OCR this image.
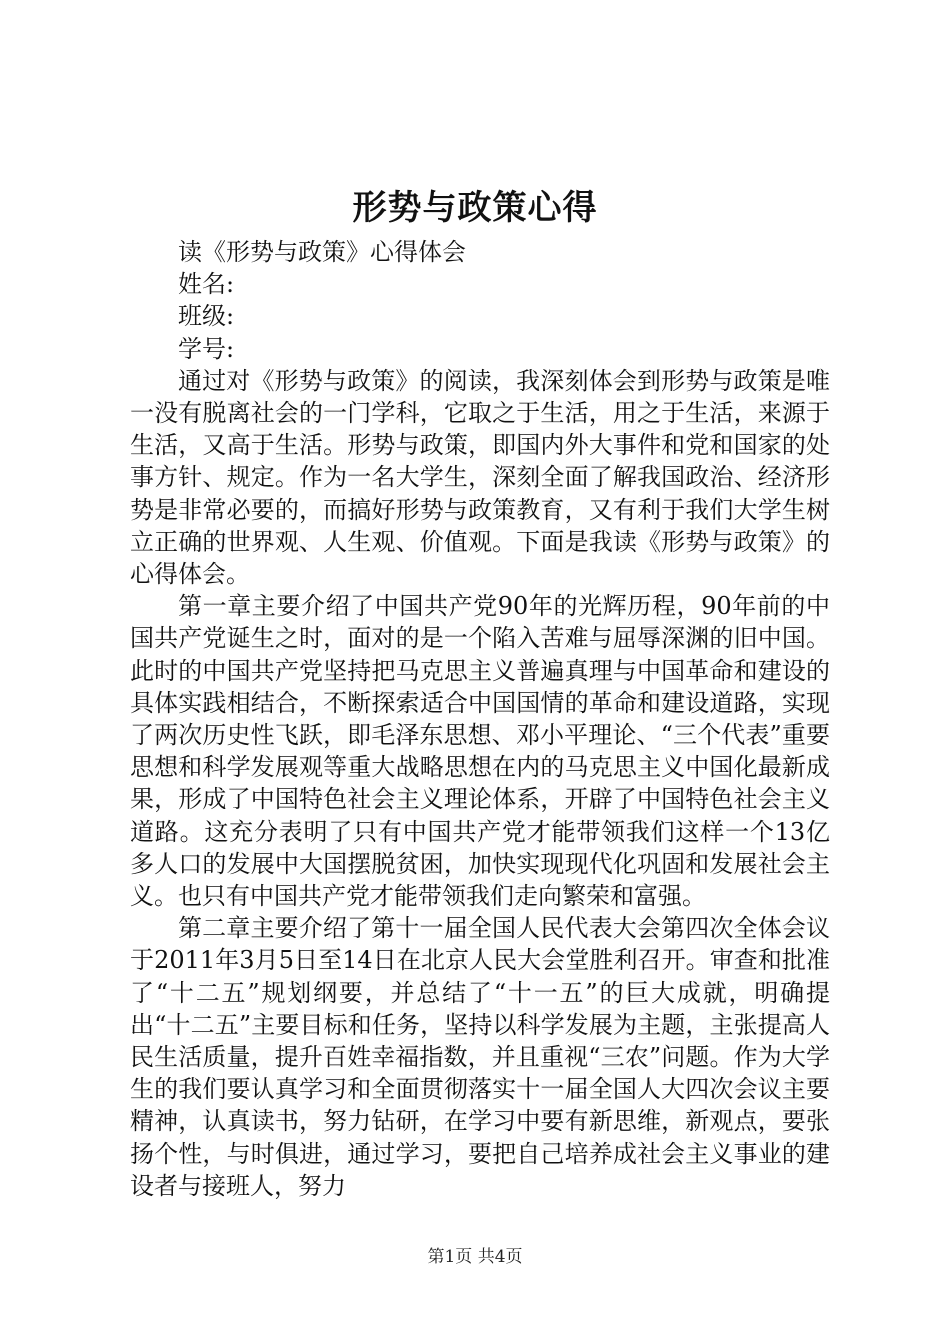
形势与政策心得
读《形势与政策》心得体会
姓名:
班级:
学号:

通过对《形势与政策》的阅读，我深刻体会到形势与政策是唯一没有脱离社会的一门学科，它取之于生活，用之于生活，来源于生活，又高于生活。形势与政策，即国内外大事件和党和国家的处事方针、规定。作为一名大学生，深刻全面了解我国政治、经济形势是非常必要的，而搞好形势与政策教育，又有利于我们大学生树立正确的世界观、人生观、价值观。下面是我读《形势与政策》的心得体会。

第一章主要介绍了中国共产党90年的光辉历程，90年前的中国共产党诞生之时，面对的是一个陷入苦难与屈辱深渊的旧中国。此时的中国共产党坚持把马克思主义普遍真理与中国革命和建设的具体实践相结合，不断探索适合中国国情的革命和建设道路，实现了两次历史性飞跃，即毛泽东思想、邓小平理论、“三个代表”重要思想和科学发展观等重大战略思想在内的马克思主义中国化最新成果，形成了中国特色社会主义理论体系，开辟了中国特色社会主义道路。这充分表明了只有中国共产党才能带领我们这样一个13亿多人口的发展中大国摆脱贫困，加快实现现代化巩固和发展社会主义。也只有中国共产党才能带领我们走向繁荣和富强。

第二章主要介绍了第十一届全国人民代表大会第四次全体会议于2011年3月5日至14日在北京人民大会堂胜利召开。审查和批准了“十二五”规划纲要，并总结了“十一五”的巨大成就，明确提出“十二五”主要目标和任务，坚持以科学发展为主题，主张提高人民生活质量，提升百姓幸福指数，并且重视“三农”问题。作为大学生的我们要认真学习和全面贯彻落实十一届全国人大四次会议主要精神，认真读书，努力钻研，在学习中要有新思维，新观点，要张扬个性，与时俱进，通过学习，要把自己培养成社会主义事业的建设者与接班人，努力

第1页 共4页
